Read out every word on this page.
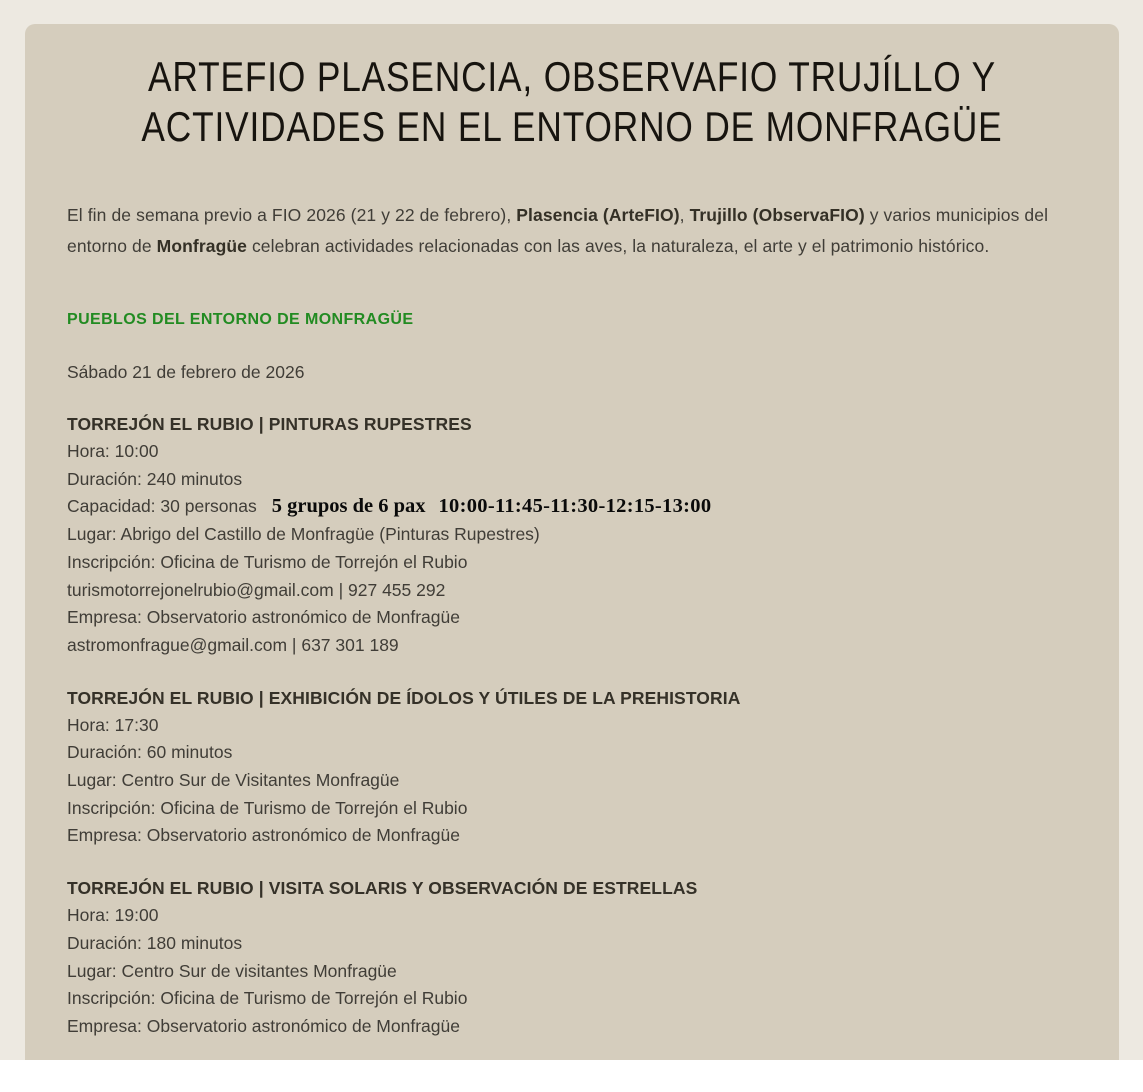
ARTEFIO PLASENCIA, OBSERVAFIO TRUJÍLLO Y
ACTIVIDADES EN EL ENTORNO DE MONFRAGÜE

El fin de semana previo a FIO 2026 (21 y 22 de febrero), Plasencia (ArteFIO), Trujillo (ObservaFIO) y varios municipios del entorno de Monfragüe celebran actividades relacionadas con las aves, la naturaleza, el arte y el patrimonio histórico.

PUEBLOS DEL ENTORNO DE MONFRAGÜE

Sábado 21 de febrero de 2026

TORREJÓN EL RUBIO | PINTURAS RUPESTRES

Hora: 10:00

Duración: 240 minutos

Capacidad: 30 personas 5 grupos de 6 pax 10:00-11:45-11:30-12:15-13:00

Lugar: Abrigo del Castillo de Monfragüe (Pinturas Rupestres)

Inscripción: Oficina de Turismo de Torrejón el Rubio

turismotorrejonelrubio@gmail.com | 927 455 292

Empresa: Observatorio astronómico de Monfragüe

astromonfrague@gmail.com | 637 301 189

TORREJÓN EL RUBIO | EXHIBICIÓN DE ÍDOLOS Y ÚTILES DE LA PREHISTORIA

Hora: 17:30

Duración: 60 minutos

Lugar: Centro Sur de Visitantes Monfragüe

Inscripción: Oficina de Turismo de Torrejón el Rubio

Empresa: Observatorio astronómico de Monfragüe

TORREJÓN EL RUBIO | VISITA SOLARIS Y OBSERVACIÓN DE ESTRELLAS

Hora: 19:00

Duración: 180 minutos

Lugar: Centro Sur de visitantes Monfragüe

Inscripción: Oficina de Turismo de Torrejón el Rubio

Empresa: Observatorio astronómico de Monfragüe
